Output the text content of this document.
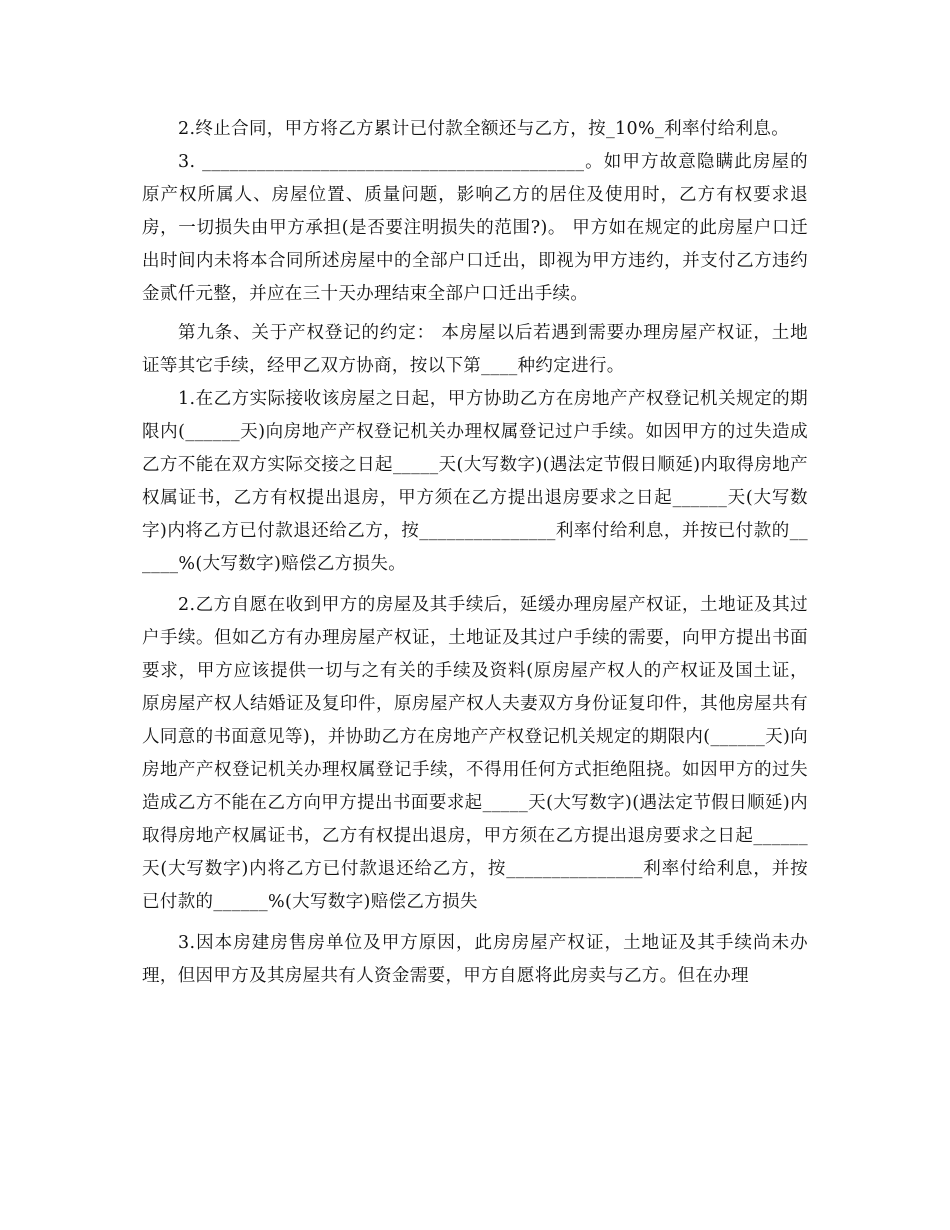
2.终止合同，甲方将乙方累计已付款全额还与乙方，按_10%_利率付给利息。

3. __________________________________________。如甲方故意隐瞒此房屋的原产权所属人、房屋位置、质量问题，影响乙方的居住及使用时，乙方有权要求退房，一切损失由甲方承担(是否要注明损失的范围?)。 甲方如在规定的此房屋户口迁出时间内未将本合同所述房屋中的全部户口迁出，即视为甲方违约，并支付乙方违约金贰仟元整，并应在三十天办理结束全部户口迁出手续。

第九条、关于产权登记的约定： 本房屋以后若遇到需要办理房屋产权证，土地证等其它手续，经甲乙双方协商，按以下第____种约定进行。

1.在乙方实际接收该房屋之日起，甲方协助乙方在房地产产权登记机关规定的期限内(______天)向房地产产权登记机关办理权属登记过户手续。如因甲方的过失造成乙方不能在双方实际交接之日起_____天(大写数字)(遇法定节假日顺延)内取得房地产权属证书，乙方有权提出退房，甲方须在乙方提出退房要求之日起______天(大写数字)内将乙方已付款退还给乙方，按_______________利率付给利息，并按已付款的______%(大写数字)赔偿乙方损失。

2.乙方自愿在收到甲方的房屋及其手续后，延缓办理房屋产权证，土地证及其过户手续。但如乙方有办理房屋产权证，土地证及其过户手续的需要，向甲方提出书面要求，甲方应该提供一切与之有关的手续及资料(原房屋产权人的产权证及国土证，原房屋产权人结婚证及复印件，原房屋产权人夫妻双方身份证复印件，其他房屋共有人同意的书面意见等)，并协助乙方在房地产产权登记机关规定的期限内(______天)向房地产产权登记机关办理权属登记手续，不得用任何方式拒绝阻挠。如因甲方的过失造成乙方不能在乙方向甲方提出书面要求起_____天(大写数字)(遇法定节假日顺延)内取得房地产权属证书，乙方有权提出退房，甲方须在乙方提出退房要求之日起______天(大写数字)内将乙方已付款退还给乙方，按_______________利率付给利息，并按已付款的______%(大写数字)赔偿乙方损失

3.因本房建房售房单位及甲方原因，此房房屋产权证，土地证及其手续尚未办理，但因甲方及其房屋共有人资金需要，甲方自愿将此房卖与乙方。但在办理
